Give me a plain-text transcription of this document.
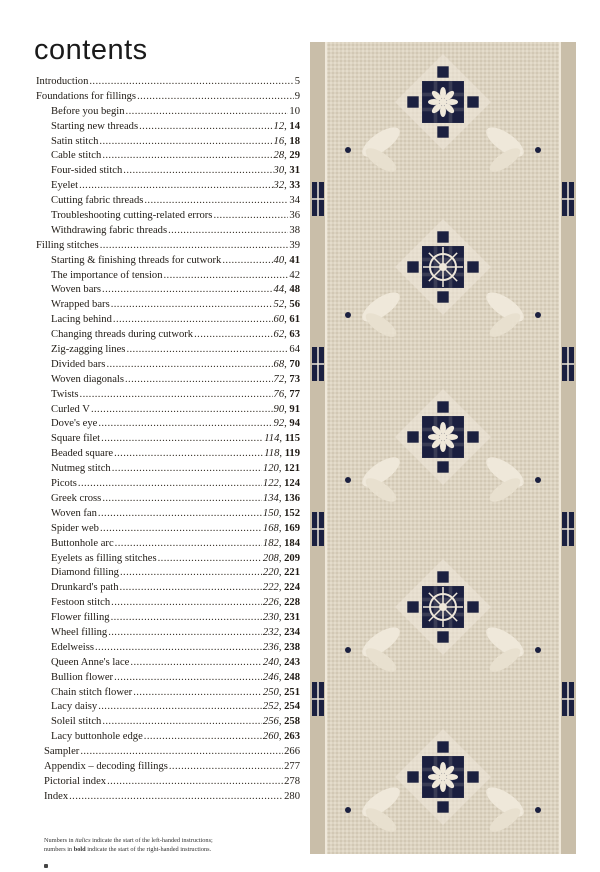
contents
Introduction .....	5
Foundations for fillings .....	9
Before you begin .....	10
Starting new threads .....	12, 14
Satin stitch .....	16, 18
Cable stitch .....	28, 29
Four-sided stitch .....	30, 31
Eyelet .....	32, 33
Cutting fabric threads .....	34
Troubleshooting cutting-related errors .....	36
Withdrawing fabric threads .....	38
Filling stitches .....	39
Starting & finishing threads for cutwork .....	40, 41
The importance of tension .....	42
Woven bars .....	44, 48
Wrapped bars .....	52, 56
Lacing behind .....	60, 61
Changing threads during cutwork .....	62, 63
Zig-zagging lines .....	64
Divided bars .....	68, 70
Woven diagonals .....	72, 73
Twists .....	76, 77
Curled V .....	90, 91
Dove's eye .....	92, 94
Square filet .....	114, 115
Beaded square .....	118, 119
Nutmeg stitch .....	120, 121
Picots .....	122, 124
Greek cross .....	134, 136
Woven fan .....	150, 152
Spider web .....	168, 169
Buttonhole arc .....	182, 184
Eyelets as filling stitches .....	208, 209
Diamond filling .....	220, 221
Drunkard's path .....	222, 224
Festoon stitch .....	226, 228
Flower filling .....	230, 231
Wheel filling .....	232, 234
Edelweiss .....	236, 238
Queen Anne's lace .....	240, 243
Bullion flower .....	246, 248
Chain stitch flower .....	250, 251
Lacy daisy .....	252, 254
Soleil stitch .....	256, 258
Lacy buttonhole edge .....	260, 263
Sampler .....	266
Appendix – decoding fillings .....	277
Pictorial index .....	278
Index .....	280
Numbers in italics indicate the start of the left-handed instructions;
numbers in bold indicate the start of the right-handed instructions.
